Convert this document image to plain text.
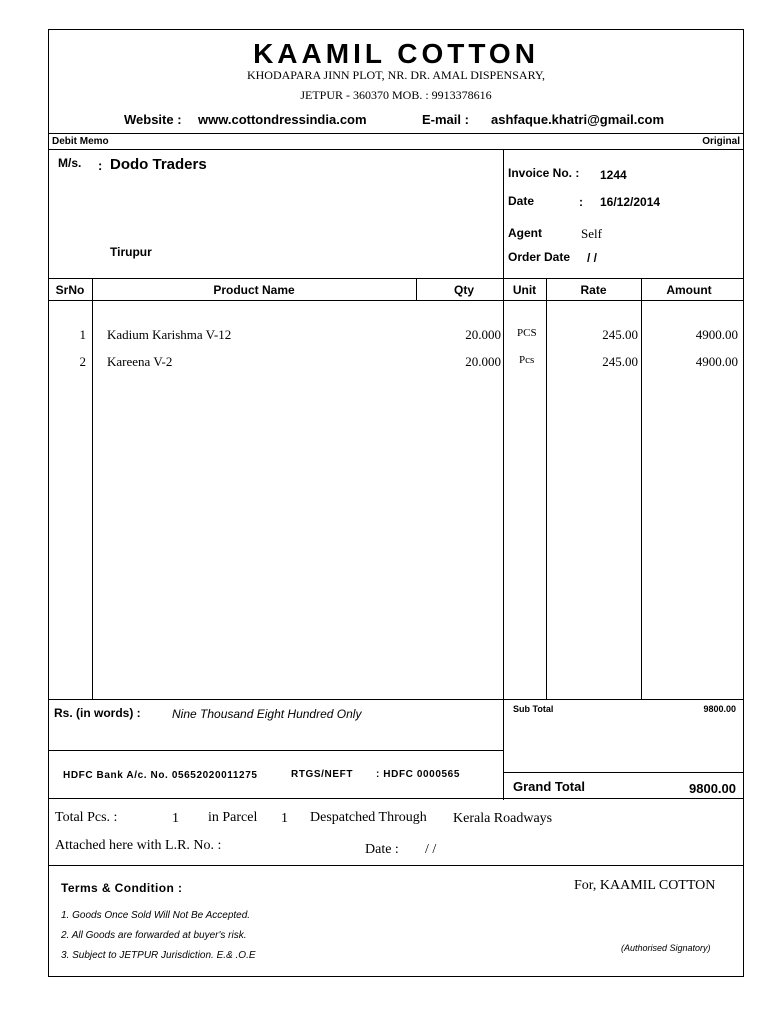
KAAMIL COTTON
KHODAPARA JINN PLOT, NR. DR. AMAL DISPENSARY,
JETPUR - 360370 MOB. : 9913378616
Website : www.cottondressindia.com	E-mail : ashfaque.khatri@gmail.com
Debit Memo	Original
M/s. : Dodo Traders
Tirupur
Invoice No. : 1244
Date	: 16/12/2014
Agent	Self
Order Date / /
SrNo	Product Name	Qty	Unit	Rate	Amount
1 Kadium Karishma V-12	20.000 PCS	245.00	4900.00
2 Kareena V-2	20.000 Pcs	245.00	4900.00
Rs. (in words) :	Nine Thousand Eight Hundred Only	Sub Total	9800.00
HDFC Bank A/c. No. 05652020011275	RTGS/NEFT : HDFC 0000565
Grand Total	9800.00
Total Pcs. :	1 in Parcel 1 Despatched Through Kerala Roadways
Attached here with L.R. No. :	Date : / /
Terms & Condition :	For, KAAMIL COTTON
1. Goods Once Sold Will Not Be Accepted.
2. All Goods are forwarded at buyer's risk.
3. Subject to JETPUR Jurisdiction. E.& .O.E
(Authorised Signatory)
